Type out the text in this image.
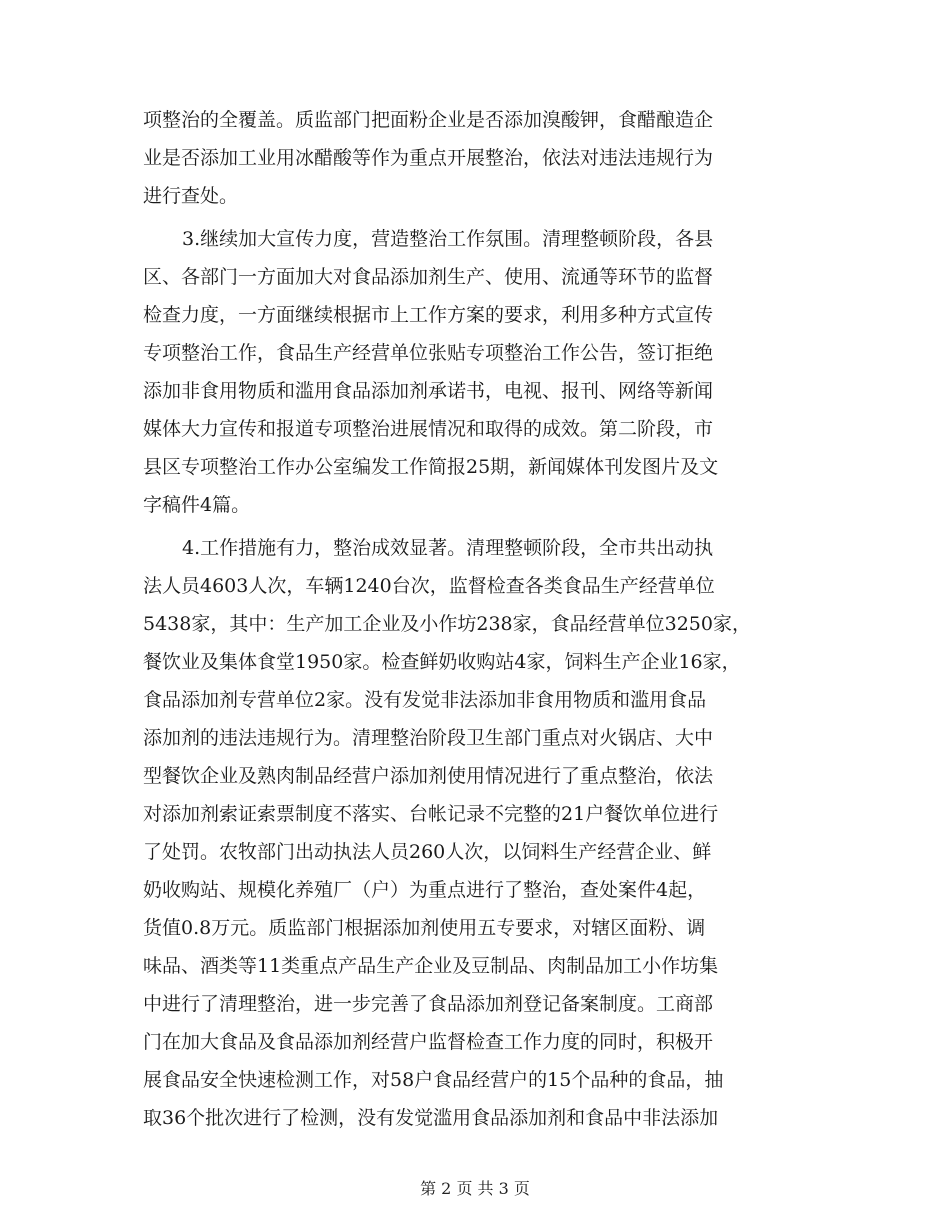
项整治的全覆盖。质监部门把面粉企业是否添加溴酸钾，食醋酿造企
业是否添加工业用冰醋酸等作为重点开展整治，依法对违法违规行为
进行查处。
3.继续加大宣传力度，营造整治工作氛围。清理整顿阶段，各县
区、各部门一方面加大对食品添加剂生产、使用、流通等环节的监督
检查力度，一方面继续根据市上工作方案的要求，利用多种方式宣传
专项整治工作，食品生产经营单位张贴专项整治工作公告，签订拒绝
添加非食用物质和滥用食品添加剂承诺书，电视、报刊、网络等新闻
媒体大力宣传和报道专项整治进展情况和取得的成效。第二阶段，市
县区专项整治工作办公室编发工作简报25期，新闻媒体刊发图片及文
字稿件4篇。
4.工作措施有力，整治成效显著。清理整顿阶段，全市共出动执
法人员4603人次，车辆1240台次，监督检查各类食品生产经营单位
5438家，其中：生产加工企业及小作坊238家，食品经营单位3250家，
餐饮业及集体食堂1950家。检查鲜奶收购站4家，饲料生产企业16家，
食品添加剂专营单位2家。没有发觉非法添加非食用物质和滥用食品
添加剂的违法违规行为。清理整治阶段卫生部门重点对火锅店、大中
型餐饮企业及熟肉制品经营户添加剂使用情况进行了重点整治，依法
对添加剂索证索票制度不落实、台帐记录不完整的21户餐饮单位进行
了处罚。农牧部门出动执法人员260人次，以饲料生产经营企业、鲜
奶收购站、规模化养殖厂（户）为重点进行了整治，查处案件4起，
货值0.8万元。质监部门根据添加剂使用五专要求，对辖区面粉、调
味品、酒类等11类重点产品生产企业及豆制品、肉制品加工小作坊集
中进行了清理整治，进一步完善了食品添加剂登记备案制度。工商部
门在加大食品及食品添加剂经营户监督检查工作力度的同时，积极开
展食品安全快速检测工作，对58户食品经营户的15个品种的食品，抽
取36个批次进行了检测，没有发觉滥用食品添加剂和食品中非法添加
第 2 页 共 3 页
